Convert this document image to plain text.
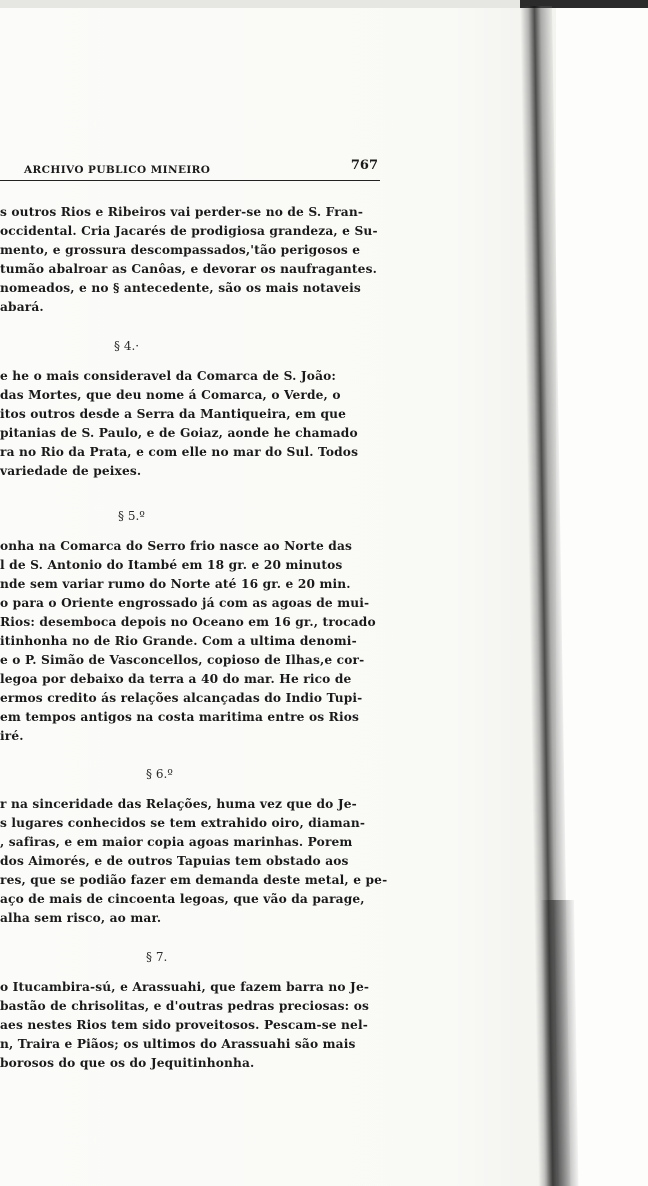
ARCHIVO PUBLICO MINEIRO	767
s outros Rios e Ribeiros vai perder-se no de S. Fran-
occidental. Cria Jacarés de prodigiosa grandeza, e Su-
mento, e grossura descompassados,'tão perigosos e
tumão abalroar as Canôas, e devorar os naufragantes.
nomeados, e no § antecedente, são os mais notaveis
abará.
§ 4.·
e he o mais consideravel da Comarca de S. João:
das Mortes, que deu nome á Comarca, o Verde, o
itos outros desde a Serra da Mantiqueira, em que
pitanias de S. Paulo, e de Goiaz, aonde he chamado
ra no Rio da Prata, e com elle no mar do Sul. Todos
variedade de peixes.
§ 5.º
onha na Comarca do Serro frio nasce ao Norte das
l de S. Antonio do Itambé em 18 gr. e 20 minutos
nde sem variar rumo do Norte até 16 gr. e 20 min.
o para o Oriente engrossado já com as agoas de mui-
Rios: desemboca depois no Oceano em 16 gr., trocado
itinhonha no de Rio Grande. Com a ultima denomi-
e o P. Simão de Vasconcellos, copioso de Ilhas,e cor-
legoa por debaixo da terra a 40 do mar. He rico de
ermos credito ás relações alcançadas do Indio Tupi-
em tempos antigos na costa maritima entre os Rios
iré.
§ 6.º
r na sinceridade das Relações, huma vez que do Je-
s lugares conhecidos se tem extrahido oiro, diaman-
, safiras, e em maior copia agoas marinhas. Porem
dos Aimorés, e de outros Tapuias tem obstado aos
res, que se podião fazer em demanda deste metal, e pe-
aço de mais de cincoenta legoas, que vão da parage,
alha sem risco, ao mar.
§ 7.
o Itucambira-sú, e Arassuahi, que fazem barra no Je-
bastão de chrisolitas, e d'outras pedras preciosas: os
aes nestes Rios tem sido proveitosos. Pescam-se nel-
n, Traira e Piãos; os ultimos do Arassuahi são mais
borosos do que os do Jequitinhonha.
